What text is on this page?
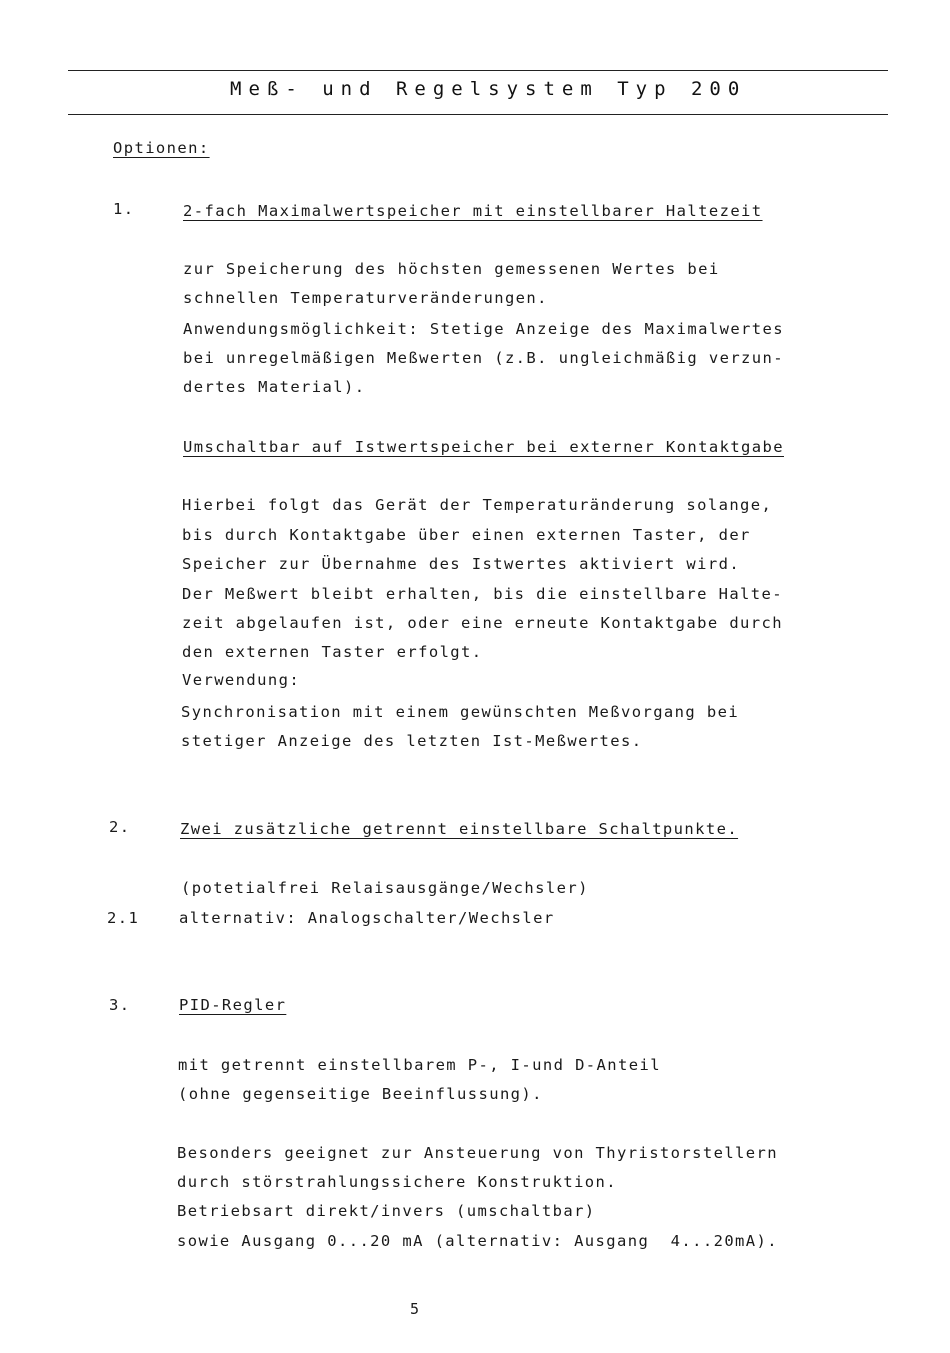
Meß- und Regelsystem Typ 200
Optionen:
1.	2-fach Maximalwertspeicher mit einstellbarer Haltezeit
zur Speicherung des höchsten gemessenen Wertes bei
schnellen Temperaturveränderungen.
Anwendungsmöglichkeit: Stetige Anzeige des Maximalwertes
bei unregelmäßigen Meßwerten (z.B. ungleichmäßig verzun-
dertes Material).
Umschaltbar auf Istwertspeicher bei externer Kontaktgabe
Hierbei folgt das Gerät der Temperaturänderung solange,
bis durch Kontaktgabe über einen externen Taster, der
Speicher zur Übernahme des Istwertes aktiviert wird.
Der Meßwert bleibt erhalten, bis die einstellbare Halte-
zeit abgelaufen ist, oder eine erneute Kontaktgabe durch
den externen Taster erfolgt.
Verwendung:
Synchronisation mit einem gewünschten Meßvorgang bei
stetiger Anzeige des letzten Ist-Meßwertes.
2.	Zwei zusätzliche getrennt einstellbare Schaltpunkte.
(potetialfrei Relaisausgänge/Wechsler)
2.1	alternativ: Analogschalter/Wechsler
3.	PID-Regler
mit getrennt einstellbarem P-, I-und D-Anteil
(ohne gegenseitige Beeinflussung).
Besonders geeignet zur Ansteuerung von Thyristorstellern
durch störstrahlungssichere Konstruktion.
Betriebsart direkt/invers (umschaltbar)
sowie Ausgang 0...20 mA (alternativ: Ausgang  4...20mA).
5
